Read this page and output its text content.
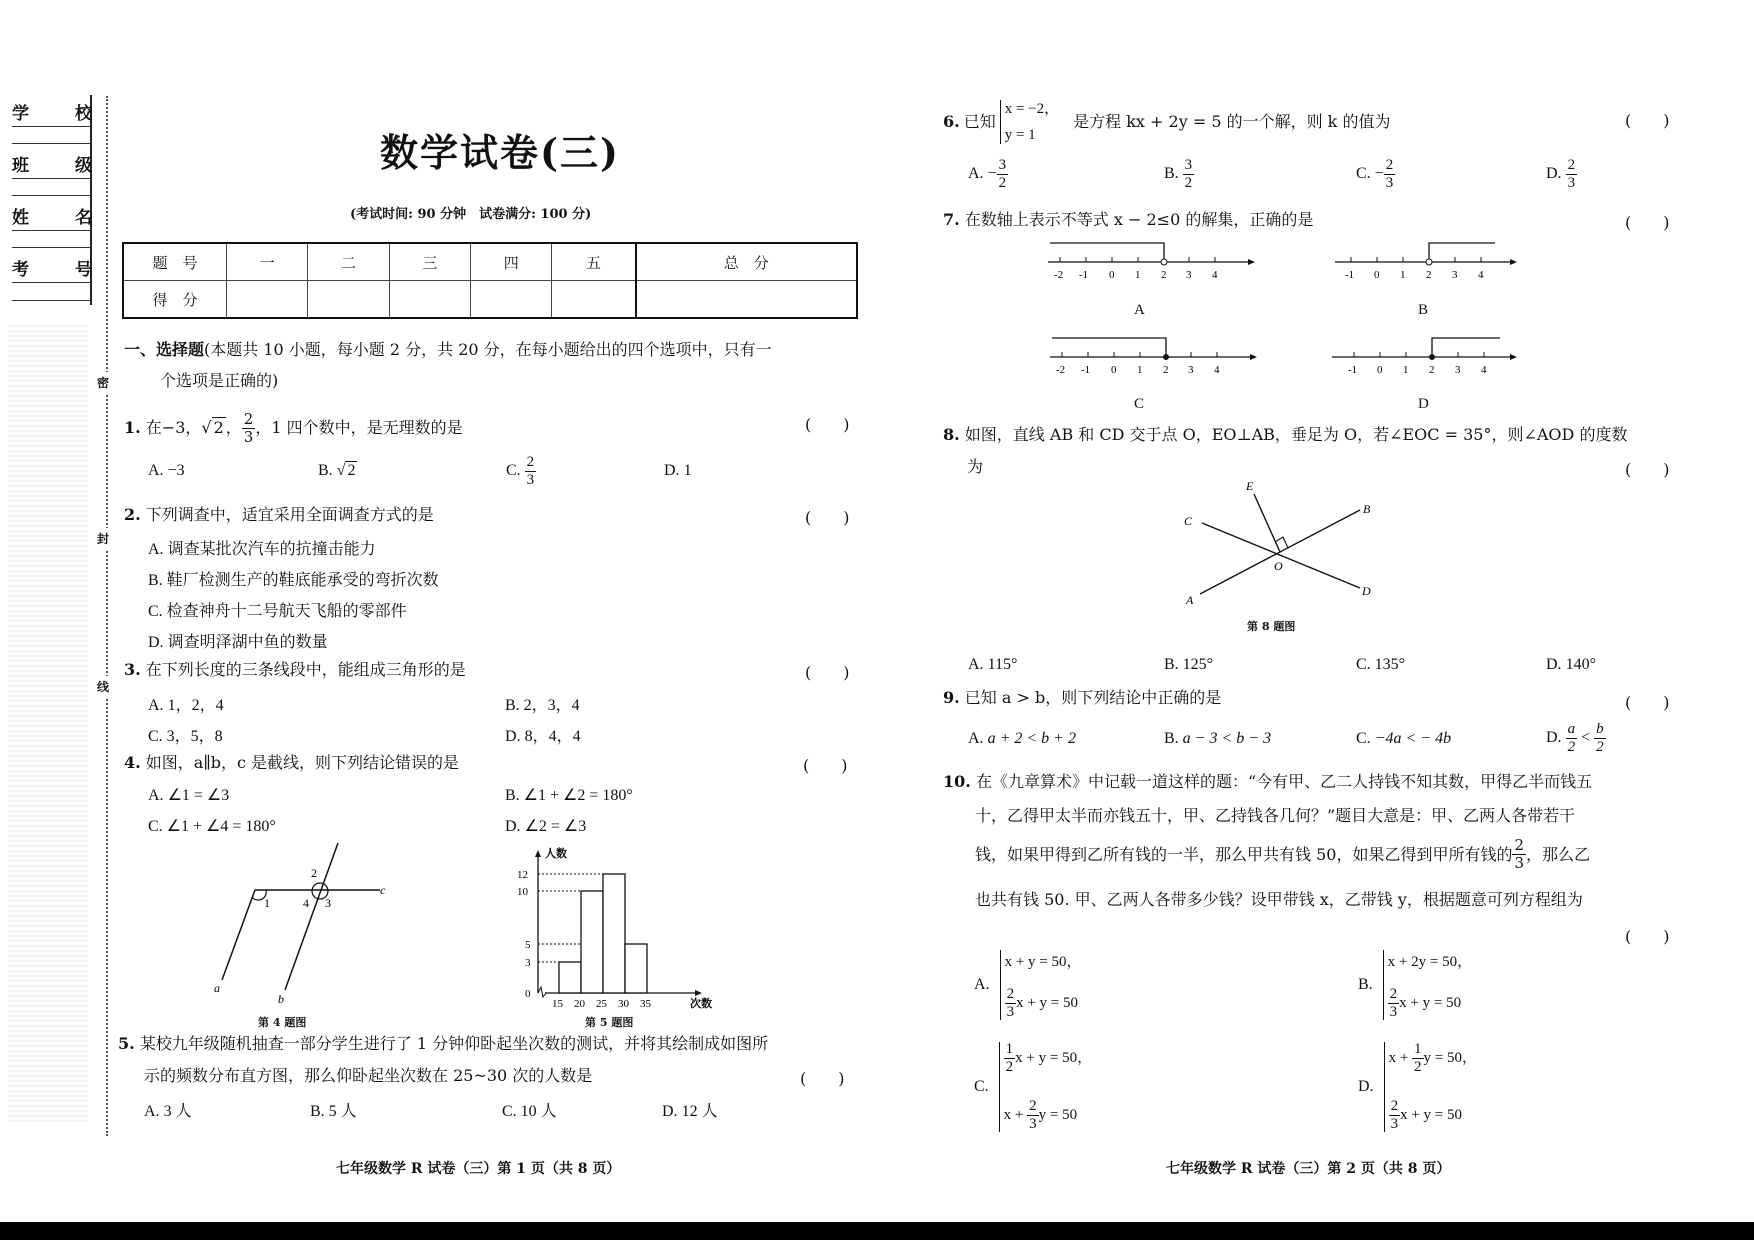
学	校
班	级
姓	名
考	号
密
封
线
数学试卷(三)
(考试时间: 90 分钟　试卷满分: 100 分)
题　号	一	二	三	四	五	总　分
得　分						
一、选择题(本题共 10 小题，每小题 2 分，共 20 分，在每小题给出的四个选项中，只有一
个选项是正确的)
1. 在−3，√ 2 ， $\frac{2}{3}$ ，1 四个数中，是无理数的是	(　　)
A. −3	B. √ 2	C. $\frac{2}{3}$	D. 1
2. 下列调查中，适宜采用全面调查方式的是	(　　)
A. 调查某批次汽车的抗撞击能力
B. 鞋厂检测生产的鞋底能承受的弯折次数
C. 检查神舟十二号航天飞船的零部件
D. 调查明泽湖中鱼的数量
3. 在下列长度的三条线段中，能组成三角形的是	(　　)
A. 1，2，4	B. 2，3，4
C. 3，5，8	D. 8，4，4
4. 如图，a∥b，c 是截线，则下列结论错误的是	(　　)
A. ∠1 = ∠3	B. ∠1 + ∠2 = 180°
C. ∠1 + ∠4 = 180°	D. ∠2 = ∠3
1
2
3
4
c
a
b
第 4 题图
12
10
5
3
0
15 20 25 30 35	次数
人数
第 5 题图
5. 某校九年级随机抽查一部分学生进行了 1 分钟仰卧起坐次数的测试，并将其绘制成如图所
示的频数分布直方图，那么仰卧起坐次数在 25~30 次的人数是	(　　)
A. 3 人	B. 5 人	C. 10 人	D. 12 人
七年级数学 R 试卷（三）第 1 页（共 8 页）
6. 已知
x = −2，
y = 1
是方程 kx + 2y = 5 的一个解，则 k 的值为	(　　)
A. − $\frac{3}{2}$	B. $\frac{3}{2}$	C. − $\frac{2}{3}$	D. $\frac{2}{3}$
7. 在数轴上表示不等式 x − 2≤0 的解集，正确的是	(　　)
-2 -1 0 1 2 3 4
A
-1 0 1 2 3 4
B
-2 -1 0 1 2 3 4
C
-1 0 1 2 3 4
D
8. 如图，直线 AB 和 CD 交于点 O，EO⊥AB，垂足为 O，若∠EOC = 35°，则∠AOD 的度数
为	(　　)
E
C
B
O
D
A
第 8 题图
A. 115°	B. 125°	C. 135°	D. 140°
9. 已知 a > b，则下列结论中正确的是	(　　)
A. a + 2 < b + 2	B. a − 3 < b − 3	C. −4a < − 4b	D. $\frac{a}{2} < \frac{b}{2}$
10. 在《九章算术》中记载一道这样的题：“今有甲、乙二人持钱不知其数，甲得乙半而钱五
十，乙得甲太半而亦钱五十，甲、乙持钱各几何？”题目大意是：甲、乙两人各带若干
钱，如果甲得到乙所有钱的一半，那么甲共有钱 50，如果乙得到甲所有钱的 $\frac{2}{3}$ ，那么乙
也共有钱 50. 甲、乙两人各带多少钱？设甲带钱 x，乙带钱 y，根据题意可列方程组为
(　　)
A.
x + y = 50，
$\frac{2}{3}$ x + y = 50
B.
x + 2y = 50，
$\frac{2}{3}$ x + y = 50
C.
$\frac{1}{2}$ x + y = 50，
$x + \frac{2}{3}$ y = 50
D.
$x + \frac{1}{2}$ y = 50，
$\frac{2}{3}$ x + y = 50
七年级数学 R 试卷（三）第 2 页（共 8 页）
